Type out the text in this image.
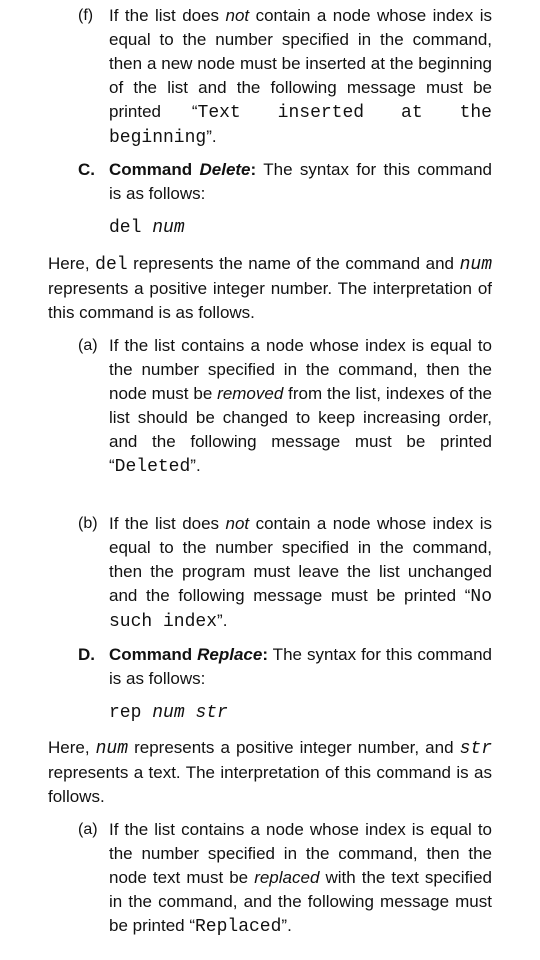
(f) If the list does not contain a node whose index is equal to the number specified in the command, then a new node must be inserted at the beginning of the list and the following message must be printed “Text inserted at the beginning”.

C. Command Delete: The syntax for this command is as follows:

del num

Here, del represents the name of the command and num represents a positive integer number. The interpretation of this command is as follows.

(a) If the list contains a node whose index is equal to the number specified in the command, then the node must be removed from the list, indexes of the list should be changed to keep increasing order, and the following message must be printed “Deleted”.

(b) If the list does not contain a node whose index is equal to the number specified in the command, then the program must leave the list unchanged and the following message must be printed “No such index”.

D. Command Replace: The syntax for this command is as follows:

rep num str

Here, num represents a positive integer number, and str represents a text. The interpretation of this command is as follows.

(a) If the list contains a node whose index is equal to the number specified in the command, then the node text must be replaced with the text specified in the command, and the following message must be printed “Replaced”.
